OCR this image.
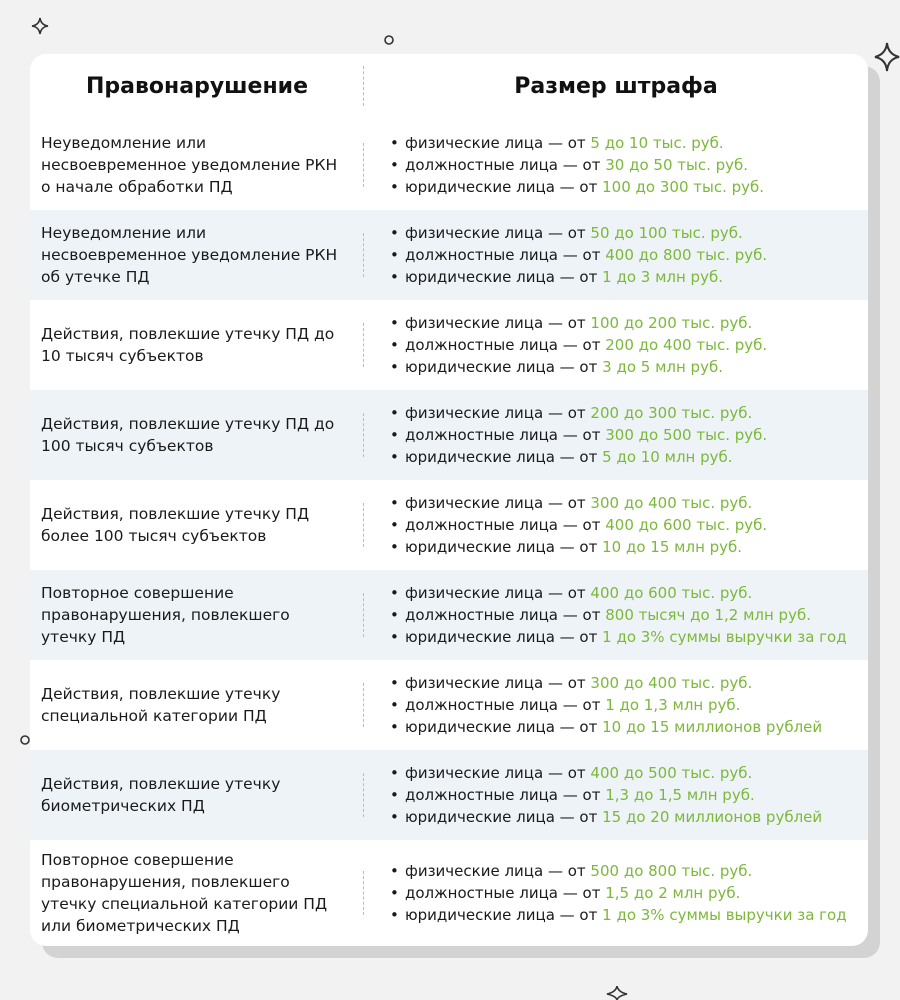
Правонарушение	Размер штрафа
Неуведомление или
несвоевременное уведомление РКН
о начале обработки ПД
• физические лица — от 5 до 10 тыс. руб.
• должностные лица — от 30 до 50 тыс. руб.
• юридические лица — от 100 до 300 тыс. руб.
Неуведомление или
несвоевременное уведомление РКН
об утечке ПД
• физические лица — от 50 до 100 тыс. руб.
• должностные лица — от 400 до 800 тыс. руб.
• юридические лица — от 1 до 3 млн руб.
Действия, повлекшие утечку ПД до
10 тысяч субъектов
• физические лица — от 100 до 200 тыс. руб.
• должностные лица — от 200 до 400 тыс. руб.
• юридические лица — от 3 до 5 млн руб.
Действия, повлекшие утечку ПД до
100 тысяч субъектов
• физические лица — от 200 до 300 тыс. руб.
• должностные лица — от 300 до 500 тыс. руб.
• юридические лица — от 5 до 10 млн руб.
Действия, повлекшие утечку ПД
более 100 тысяч субъектов
• физические лица — от 300 до 400 тыс. руб.
• должностные лица — от 400 до 600 тыс. руб.
• юридические лица — от 10 до 15 млн руб.
Повторное совершение
правонарушения, повлекшего
утечку ПД
• физические лица — от 400 до 600 тыс. руб.
• должностные лица — от 800 тысяч до 1,2 млн руб.
• юридические лица — от 1 до 3% суммы выручки за год
Действия, повлекшие утечку
специальной категории ПД
• физические лица — от 300 до 400 тыс. руб.
• должностные лица — от 1 до 1,3 млн руб.
• юридические лица — от 10 до 15 миллионов рублей
Действия, повлекшие утечку
биометрических ПД
• физические лица — от 400 до 500 тыс. руб.
• должностные лица — от 1,3 до 1,5 млн руб.
• юридические лица — от 15 до 20 миллионов рублей
Повторное совершение
правонарушения, повлекшего
утечку специальной категории ПД
или биометрических ПД
• физические лица — от 500 до 800 тыс. руб.
• должностные лица — от 1,5 до 2 млн руб.
• юридические лица — от 1 до 3% суммы выручки за год
